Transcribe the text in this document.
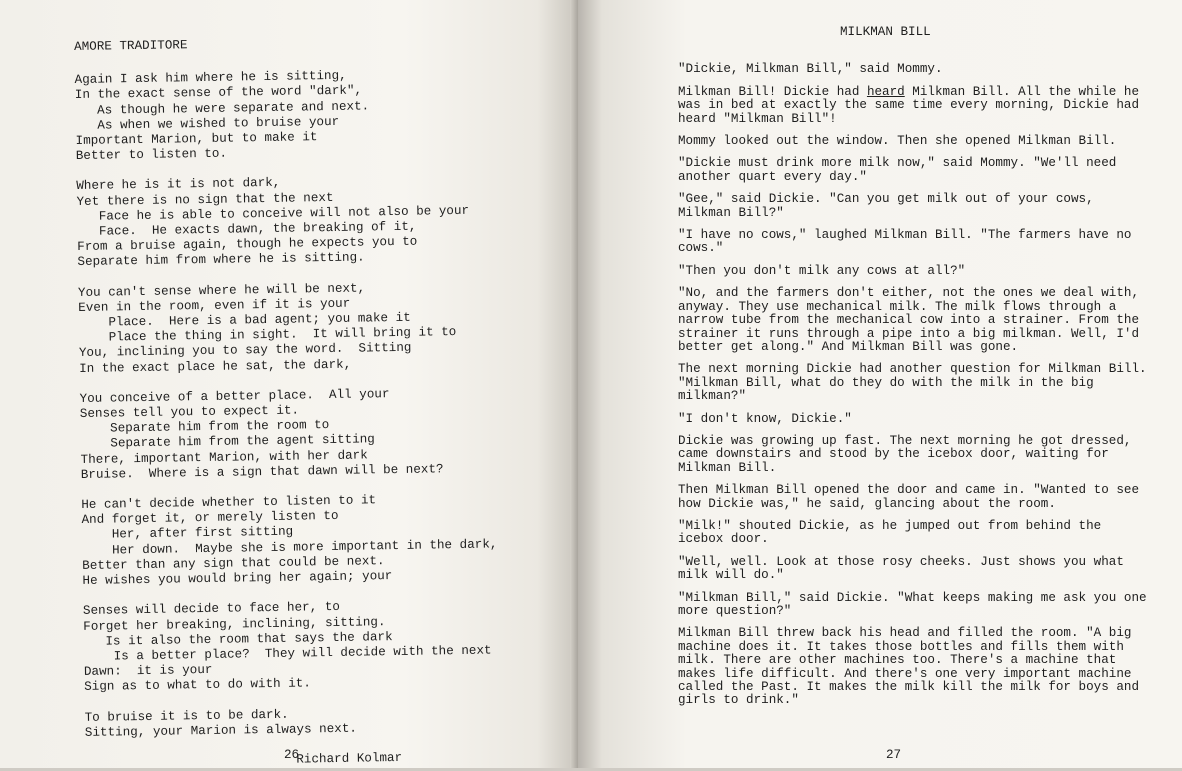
AMORE TRADITORE
Again I ask him where he is sitting,
In the exact sense of the word "dark",
As though he were separate and next.
As when we wished to bruise your
Important Marion, but to make it
Better to listen to.
Where he is it is not dark,
Yet there is no sign that the next
Face he is able to conceive will not also be your
Face.  He exacts dawn, the breaking of it,
From a bruise again, though he expects you to
Separate him from where he is sitting.
You can't sense where he will be next,
Even in the room, even if it is your
Place.  Here is a bad agent; you make it
Place the thing in sight.  It will bring it to
You, inclining you to say the word.  Sitting
In the exact place he sat, the dark,
You conceive of a better place.  All your
Senses tell you to expect it.
Separate him from the room to
Separate him from the agent sitting
There, important Marion, with her dark
Bruise.  Where is a sign that dawn will be next?
He can't decide whether to listen to it
And forget it, or merely listen to
Her, after first sitting
Her down.  Maybe she is more important in the dark,
Better than any sign that could be next.
He wishes you would bring her again; your
Senses will decide to face her, to
Forget her breaking, inclining, sitting.
Is it also the room that says the dark
Is a better place?  They will decide with the next
Dawn:  it is your
Sign as to what to do with it.
To bruise it is to be dark.
Sitting, your Marion is always next.
Richard Kolmar
26
MILKMAN BILL

"Dickie, Milkman Bill," said Mommy.

Milkman Bill! Dickie had heard Milkman Bill. All the while he was in bed at exactly the same time every morning, Dickie had heard "Milkman Bill"!

Mommy looked out the window. Then she opened Milkman Bill.

"Dickie must drink more milk now," said Mommy. "We'll need another quart every day."

"Gee," said Dickie. "Can you get milk out of your cows, Milkman Bill?"

"I have no cows," laughed Milkman Bill. "The farmers have no cows."

"Then you don't milk any cows at all?"

"No, and the farmers don't either, not the ones we deal with, anyway. They use mechanical milk. The milk flows through a narrow tube from the mechanical cow into a strainer. From the strainer it runs through a pipe into a big milkman. Well, I'd better get along." And Milkman Bill was gone.

The next morning Dickie had another question for Milkman Bill. "Milkman Bill, what do they do with the milk in the big milkman?"

"I don't know, Dickie."

Dickie was growing up fast. The next morning he got dressed, came downstairs and stood by the icebox door, waiting for Milkman Bill.

Then Milkman Bill opened the door and came in. "Wanted to see how Dickie was," he said, glancing about the room.

"Milk!" shouted Dickie, as he jumped out from behind the icebox door.

"Well, well. Look at those rosy cheeks. Just shows you what milk will do."

"Milkman Bill," said Dickie. "What keeps making me ask you one more question?"

Milkman Bill threw back his head and filled the room. "A big machine does it. It takes those bottles and fills them with milk. There are other machines too. There's a machine that makes life difficult. And there's one very important machine called the Past. It makes the milk kill the milk for boys and girls to drink."

27
